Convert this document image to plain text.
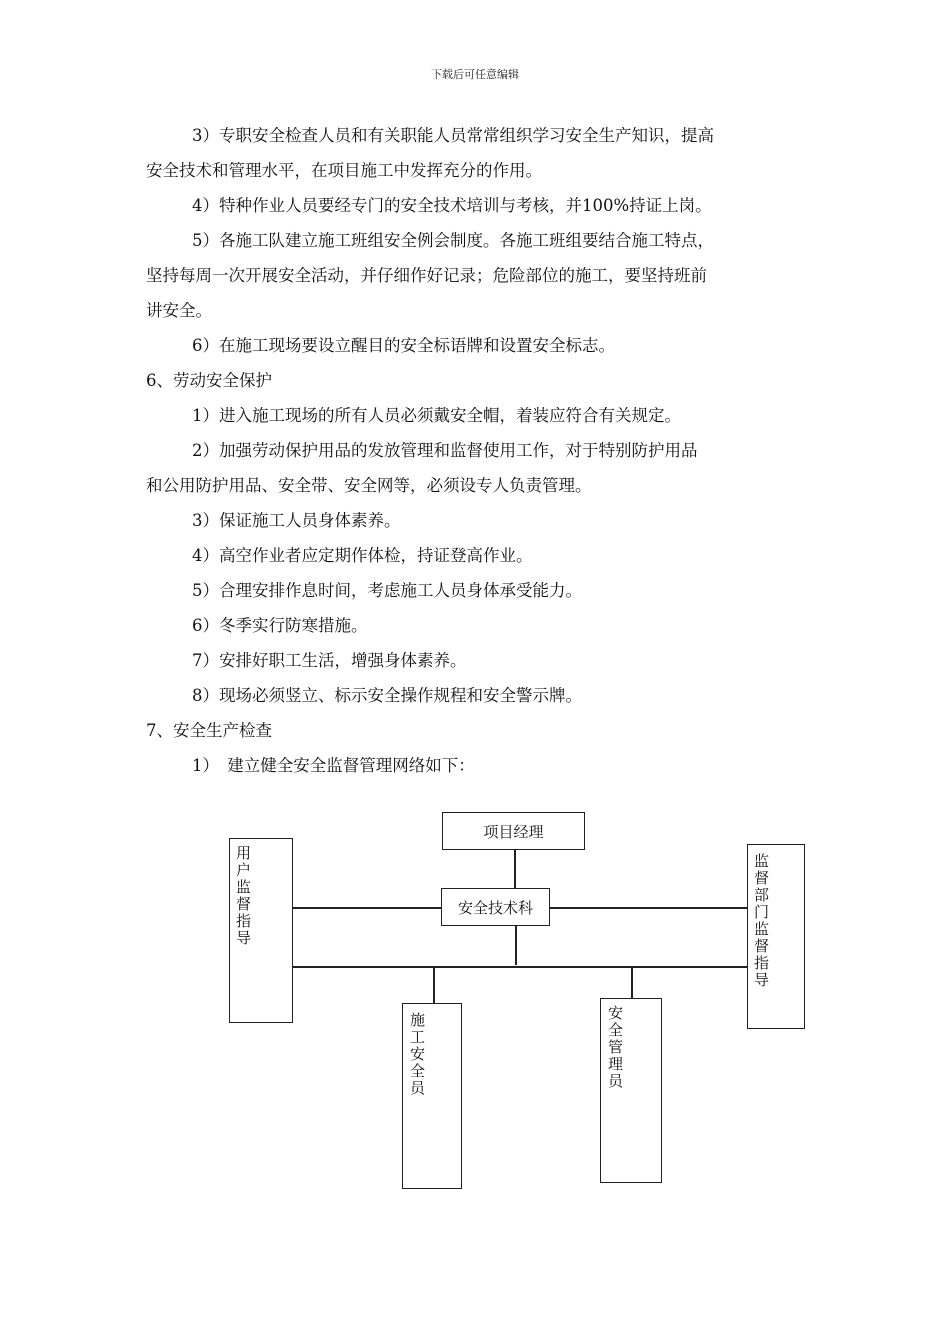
下载后可任意编辑
3）专职安全检查人员和有关职能人员常常组织学习安全生产知识，提高
安全技术和管理水平，在项目施工中发挥充分的作用。
4）特种作业人员要经专门的安全技术培训与考核，并100%持证上岗。
5）各施工队建立施工班组安全例会制度。各施工班组要结合施工特点，
坚持每周一次开展安全活动，并仔细作好记录；危险部位的施工，要坚持班前
讲安全。
6）在施工现场要设立醒目的安全标语牌和设置安全标志。
6、劳动安全保护
1）进入施工现场的所有人员必须戴安全帽，着装应符合有关规定。
2）加强劳动保护用品的发放管理和监督使用工作，对于特别防护用品
和公用防护用品、安全带、安全网等，必须设专人负责管理。
3）保证施工人员身体素养。
4）高空作业者应定期作体检，持证登高作业。
5）合理安排作息时间，考虑施工人员身体承受能力。
6）冬季实行防寒措施。
7）安排好职工生活，增强身体素养。
8）现场必须竖立、标示安全操作规程和安全警示牌。
7、安全生产检查
1）　建立健全安全监督管理网络如下：
项目经理
安全技术科
用户监督指导
监督部门监督指导
施工安全员
安全管理员
